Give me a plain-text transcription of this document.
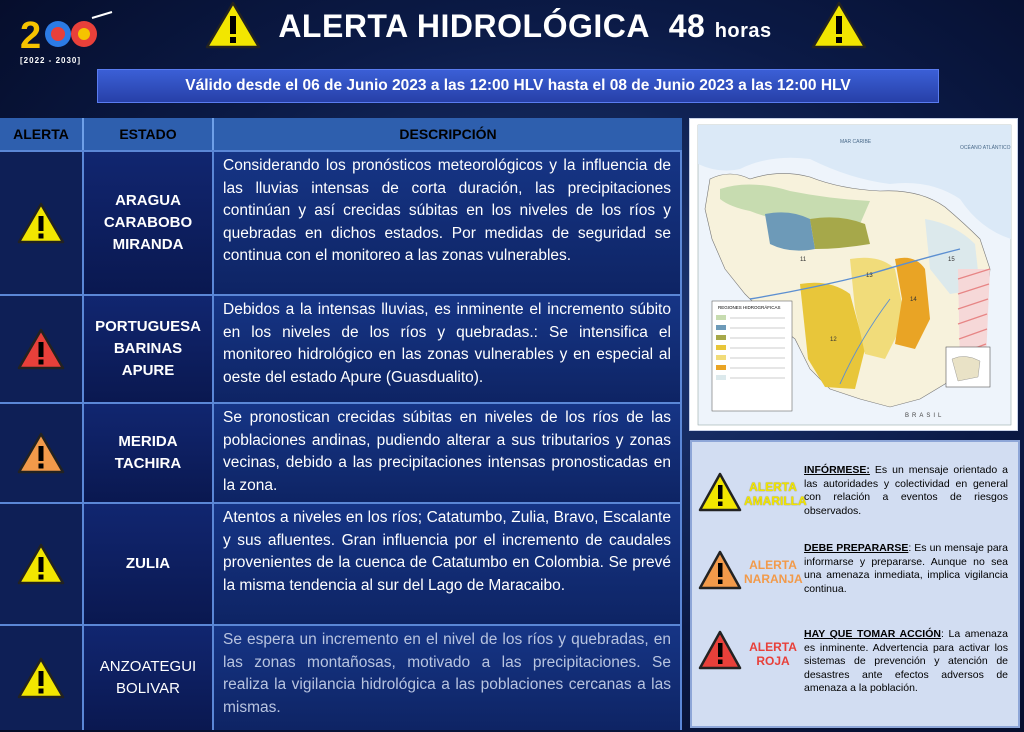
2
[2022 - 2030]
ALERTA HIDROLÓGICA 48 horas
Válido desde el 06 de Junio 2023 a las 12:00 HLV hasta el 08 de Junio 2023 a las 12:00 HLV
ALERTA	ESTADO	DESCRIPCIÓN
ARAGUA
CARABOBO
MIRANDA
Considerando los pronósticos meteorológicos y la influencia de las lluvias intensas de corta duración, las precipitaciones continúan y así crecidas súbitas en los niveles de los ríos y quebradas en dichos estados. Por medidas de seguridad se continua con el monitoreo a las zonas vulnerables.
PORTUGUESA
BARINAS
APURE
Debidos a la intensas lluvias, es inminente el incremento súbito en los niveles de los ríos y quebradas.: Se intensifica el monitoreo hidrológico en las zonas vulnerables y en especial al oeste del estado Apure (Guasdualito).
MERIDA
TACHIRA
Se pronostican crecidas súbitas en niveles de los ríos de las poblaciones andinas, pudiendo alterar a sus tributarios y zonas vecinas, debido a las precipitaciones intensas pronosticadas en la zona.
ZULIA
Atentos a niveles en los ríos; Catatumbo, Zulia, Bravo, Escalante y sus afluentes. Gran influencia por el incremento de caudales provenientes de la cuenca de Catatumbo en Colombia. Se prevé la misma tendencia al sur del Lago de Maracaibo.
ANZOATEGUI
BOLIVAR
Se espera un incremento en el nivel de los ríos y quebradas, en las zonas montañosas, motivado a las precipitaciones. Se realiza la vigilancia hidrológica a las poblaciones cercanas a las mismas.
REGIONES HIDROGRÁFICAS
MAR CARIBE
OCÉANO ATLÁNTICO
BRASIL
11
12
13
14
15
ALERTA AMARILLA
INFÓRMESE: Es un mensaje orientado a las autoridades y colectividad en general con relación a eventos de riesgos observados.
ALERTA NARANJA
DEBE PREPARARSE: Es un mensaje para informarse y prepararse. Aunque no sea una amenaza inmediata, implica vigilancia continua.
ALERTA ROJA
HAY QUE TOMAR ACCIÓN: La amenaza es inminente. Advertencia para activar los sistemas de prevención y atención de desastres ante efectos adversos de amenaza a la población.
